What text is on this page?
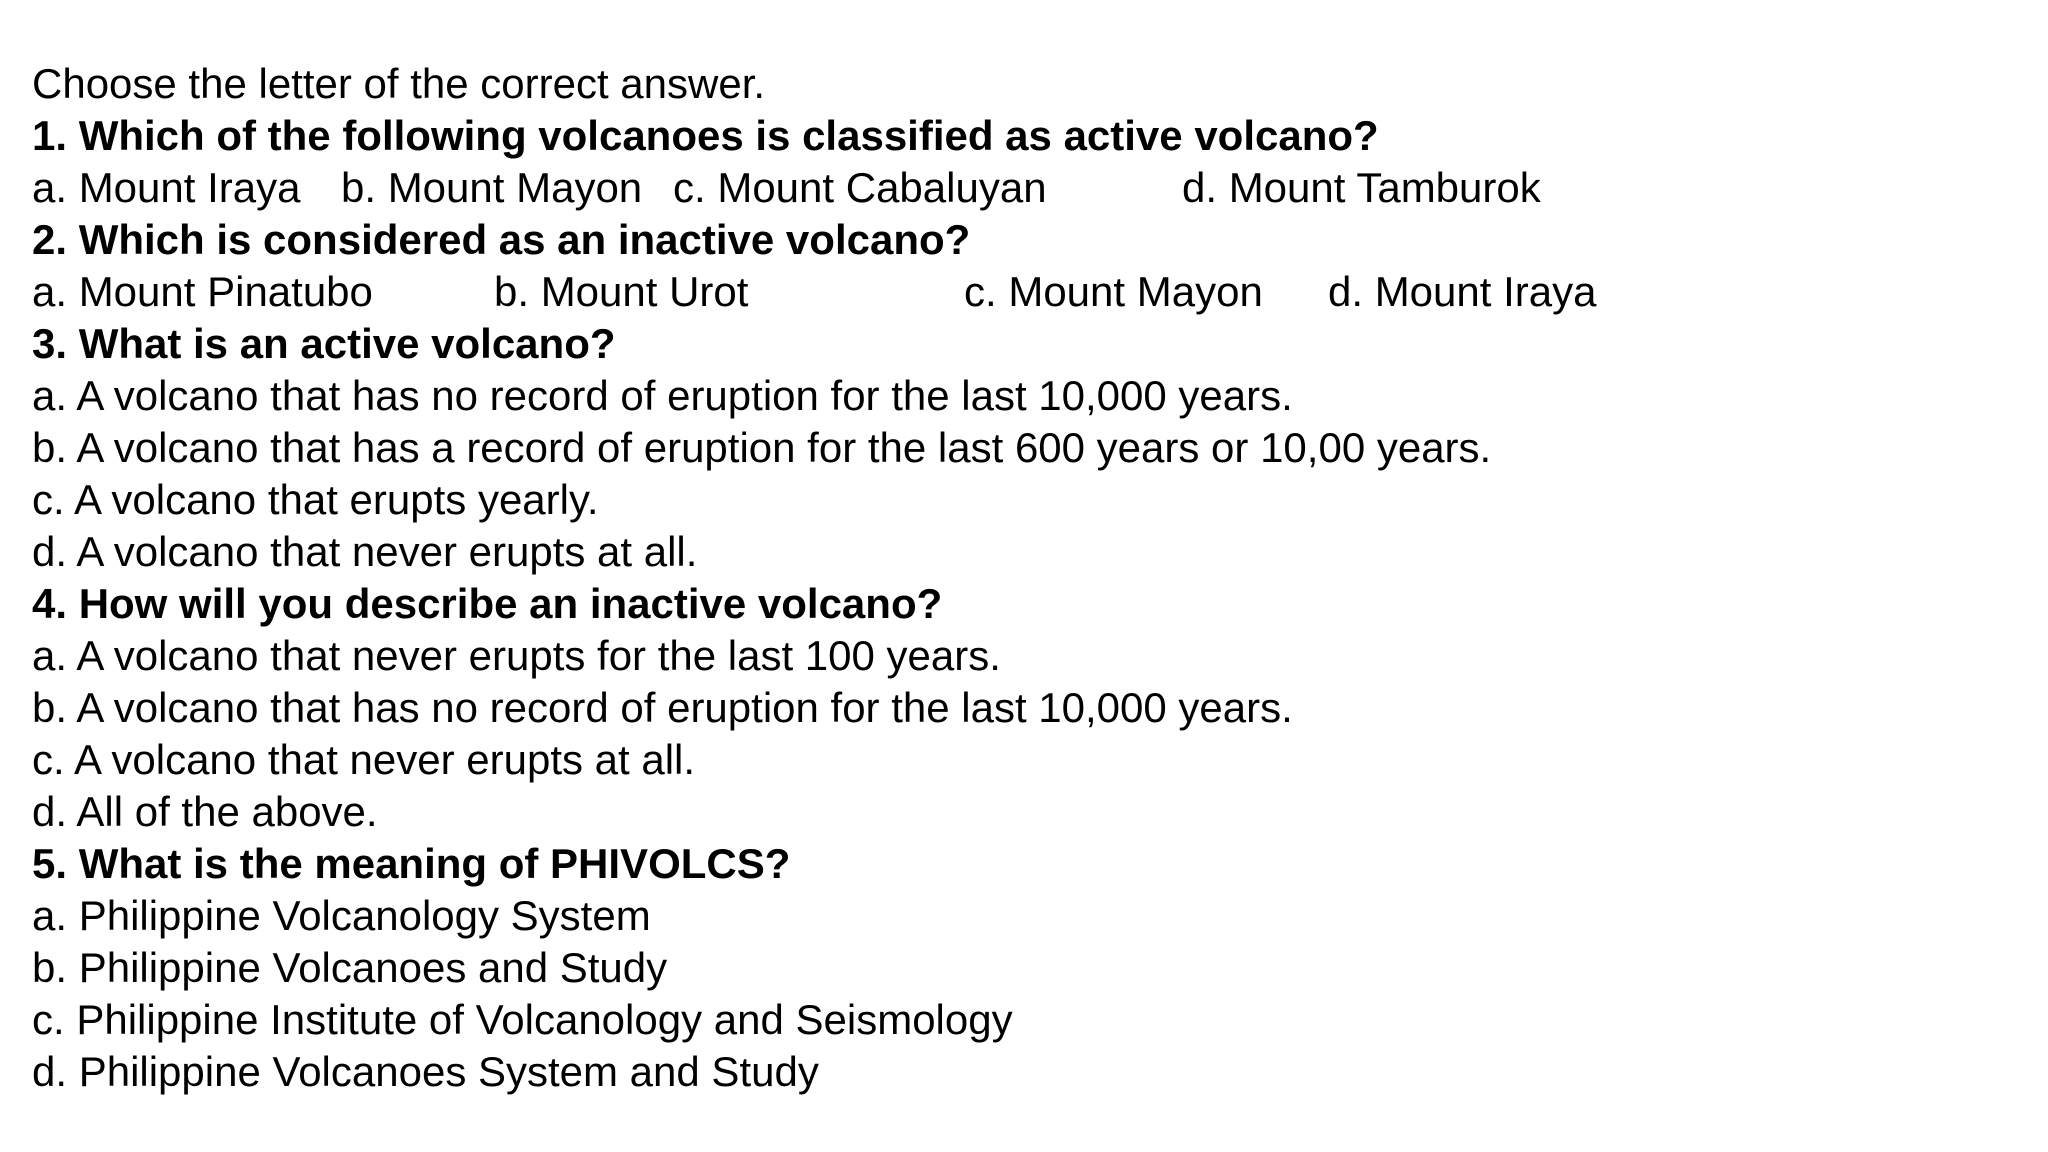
Choose the letter of the correct answer.
1. Which of the following volcanoes is classified as active volcano?
a. Mount Iraya b. Mount Mayon c. Mount Cabaluyan	d. Mount Tamburok
2. Which is considered as an inactive volcano?
a. Mount Pinatubo	b. Mount Urot	c. Mount Mayon d. Mount Iraya
3. What is an active volcano?
a. A volcano that has no record of eruption for the last 10,000 years.
b. A volcano that has a record of eruption for the last 600 years or 10,00 years.
c. A volcano that erupts yearly.
d. A volcano that never erupts at all.
4. How will you describe an inactive volcano?
a. A volcano that never erupts for the last 100 years.
b. A volcano that has no record of eruption for the last 10,000 years.
c. A volcano that never erupts at all.
d. All of the above.
5. What is the meaning of PHIVOLCS?
a. Philippine Volcanology System
b. Philippine Volcanoes and Study
c. Philippine Institute of Volcanology and Seismology
d. Philippine Volcanoes System and Study
